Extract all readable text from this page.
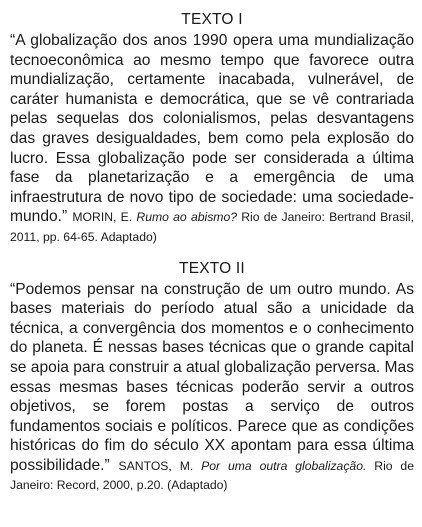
TEXTO I

“A globalização dos anos 1990 opera uma mundialização tecnoeconômica ao mesmo tempo que favorece outra mundialização, certamente inacabada, vulnerável, de caráter humanista e democrática, que se vê contrariada pelas sequelas dos colonialismos, pelas desvantagens das graves desigualdades, bem como pela explosão do lucro. Essa globalização pode ser considerada a última fase da planetarização e a emergência de uma infraestrutura de novo tipo de sociedade: uma sociedade-mundo.” MORIN, E. Rumo ao abismo? Rio de Janeiro: Bertrand Brasil, 2011, pp. 64-65. Adaptado)

TEXTO II

“Podemos pensar na construção de um outro mundo. As bases materiais do período atual são a unicidade da técnica, a convergência dos momentos e o conhecimento do planeta. É nessas bases técnicas que o grande capital se apoia para construir a atual globalização perversa. Mas essas mesmas bases técnicas poderão servir a outros objetivos, se forem postas a serviço de outros fundamentos sociais e políticos. Parece que as condições históricas do fim do século XX apontam para essa última possibilidade.” SANTOS, M. Por uma outra globalização. Rio de Janeiro: Record, 2000, p.20. (Adaptado)
